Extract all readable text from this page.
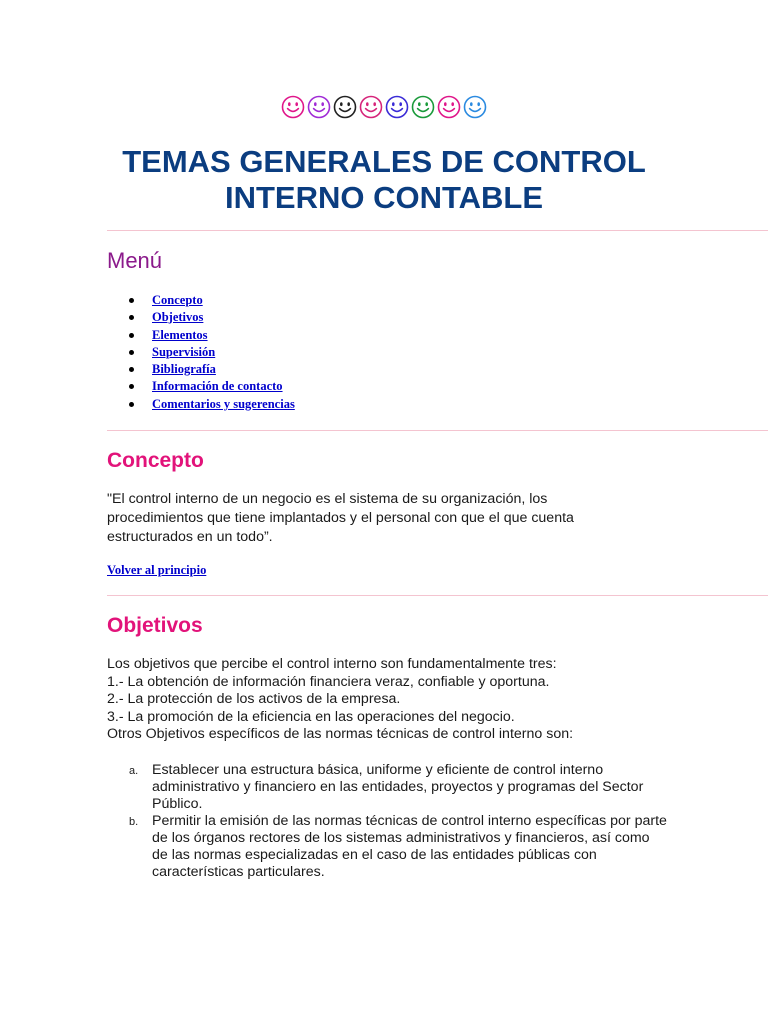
TEMAS GENERALES DE CONTROL
INTERNO CONTABLE
Menú
Concepto
Objetivos
Elementos
Supervisión
Bibliografía
Información de contacto
Comentarios y sugerencias
Concepto

"El control interno de un negocio es el sistema de su organización, los procedimientos que tiene implantados y el personal con que el que cuenta estructurados en un todo”.

Volver al principio
Objetivos
Los objetivos que percibe el control interno son fundamentalmente tres:
1.- La obtención de información financiera veraz, confiable y oportuna.
2.- La protección de los activos de la empresa.
3.- La promoción de la eficiencia en las operaciones del negocio.
Otros Objetivos específicos de las normas técnicas de control interno son:
a. Establecer una estructura básica, uniforme y eficiente de control interno administrativo y financiero en las entidades, proyectos y programas del Sector Público.
b. Permitir la emisión de las normas técnicas de control interno específicas por parte de los órganos rectores de los sistemas administrativos y financieros, así como de las normas especializadas en el caso de las entidades públicas con características particulares.
